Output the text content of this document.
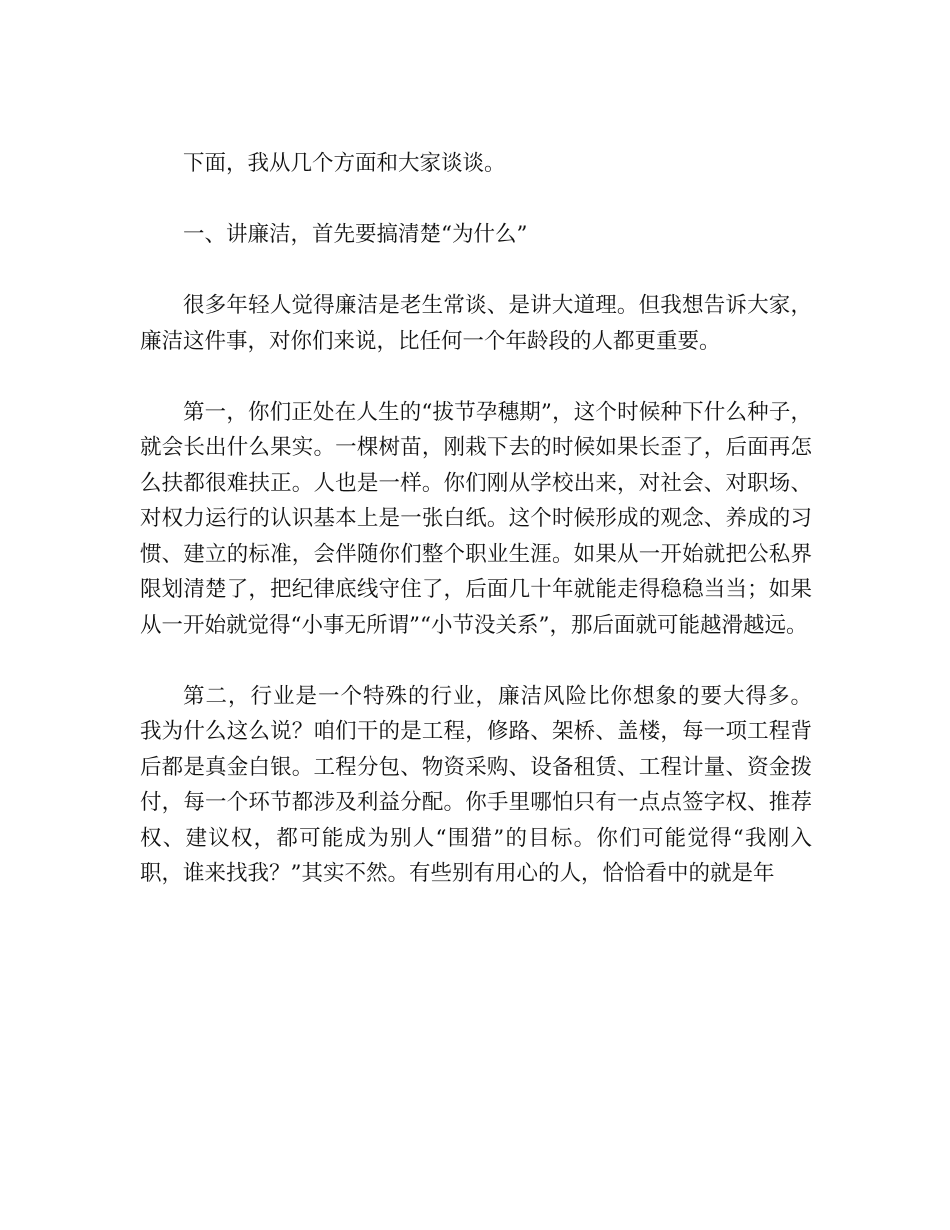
下面，我从几个方面和大家谈谈。

一、讲廉洁，首先要搞清楚“为什么”

很多年轻人觉得廉洁是老生常谈、是讲大道理。但我想告诉大家，廉洁这件事，对你们来说，比任何一个年龄段的人都更重要。

第一，你们正处在人生的“拔节孕穗期”，这个时候种下什么种子，就会长出什么果实。一棵树苗，刚栽下去的时候如果长歪了，后面再怎么扶都很难扶正。人也是一样。你们刚从学校出来，对社会、对职场、对权力运行的认识基本上是一张白纸。这个时候形成的观念、养成的习惯、建立的标准，会伴随你们整个职业生涯。如果从一开始就把公私界限划清楚了，把纪律底线守住了，后面几十年就能走得稳稳当当；如果从一开始就觉得“小事无所谓”“小节没关系”，那后面就可能越滑越远。

第二，行业是一个特殊的行业，廉洁风险比你想象的要大得多。 我为什么这么说？咱们干的是工程，修路、架桥、盖楼，每一项工程背后都是真金白银。工程分包、物资采购、设备租赁、工程计量、资金拨付，每一个环节都涉及利益分配。你手里哪怕只有一点点签字权、推荐权、建议权，都可能成为别人“围猎”的目标。你们可能觉得“我刚入职，谁来找我？”其实不然。有些别有用心的人，恰恰看中的就是年
